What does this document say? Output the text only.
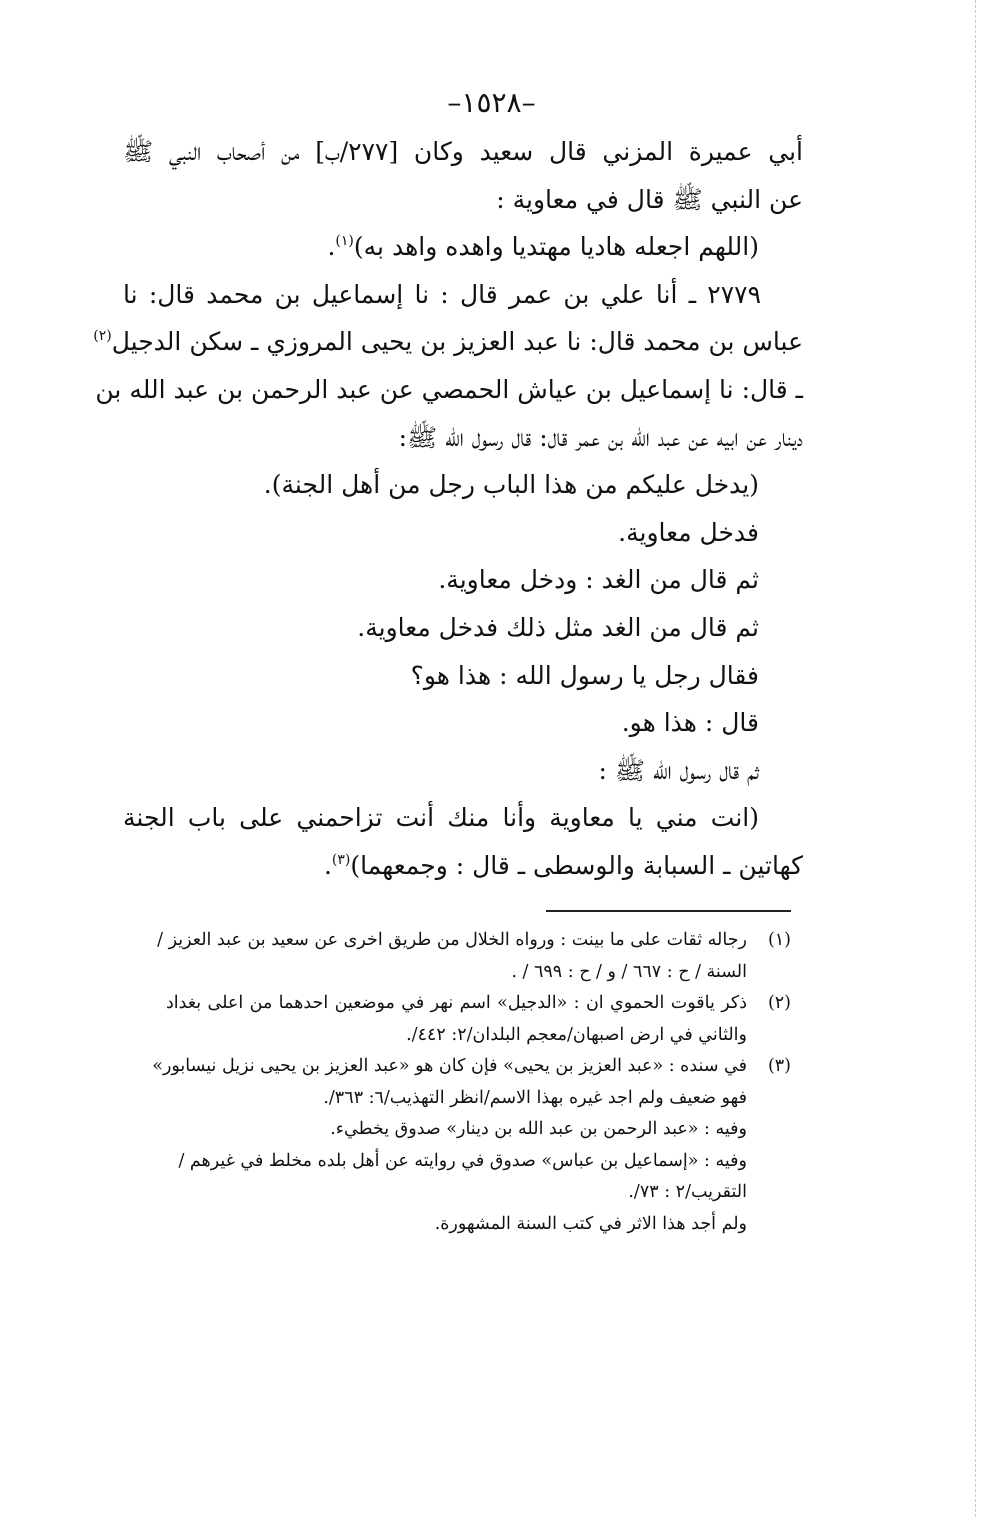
–١٥٢٨–
أبي عميرة المزني قال سعيد وكان [٢٧٧/ب] من أصحاب النبي ﷺ
عن النبي ﷺ قال في معاوية :
(اللهم اجعله هاديا مهتديا واهده واهد به)$^{(١)}$.
٢٧٧٩ ـ أنا علي بن عمر قال : نا إسماعيل بن محمد قال: نا
عباس بن محمد قال: نا عبد العزيز بن يحيى المروزي ـ سكن الدجيل$^{(٢)}$
ـ قال: نا إسماعيل بن عياش الحمصي عن عبد الرحمن بن عبد الله بن
دينار عن ابيه عن عبد الله بن عمر قال: قال رسول الله ﷺ:
(يدخل عليكم من هذا الباب رجل من أهل الجنة).
فدخل معاوية.
ثم قال من الغد : ودخل معاوية.
ثم قال من الغد مثل ذلك فدخل معاوية.
فقال رجل يا رسول الله : هذا هو؟
قال : هذا هو.
ثم قال رسول الله ﷺ :
(انت مني يا معاوية وأنا منك أنت تزاحمني على باب الجنة
كهاتين ـ السبابة والوسطى ـ قال : وجمعهما)$^{(٣)}$.
(١)رجاله ثقات على ما بينت : ورواه الخلال من طريق اخرى عن سعيد بن عبد العزيز /
السنة / ح : ٦٦٧ / و / ح : ٦٩٩ / .
(٢)ذكر ياقوت الحموي ان : «الدجيل» اسم نهر في موضعين احدهما من اعلى بغداد
والثاني في ارض اصبهان/معجم البلدان/٢: ٤٤٢/.
(٣)في سنده : «عبد العزيز بن يحيى» فإن كان هو «عبد العزيز بن يحيى نزيل نيسابور»
فهو ضعيف ولم اجد غيره بهذا الاسم/انظر التهذيب/٦: ٣٦٣/.
وفيه : «عبد الرحمن بن عبد الله بن دينار» صدوق يخطيء.
وفيه : «إسماعيل بن عباس» صدوق في روايته عن أهل بلده مخلط في غيرهم /
التقريب/٢ : ٧٣/.
ولم أجد هذا الاثر في كتب السنة المشهورة.
